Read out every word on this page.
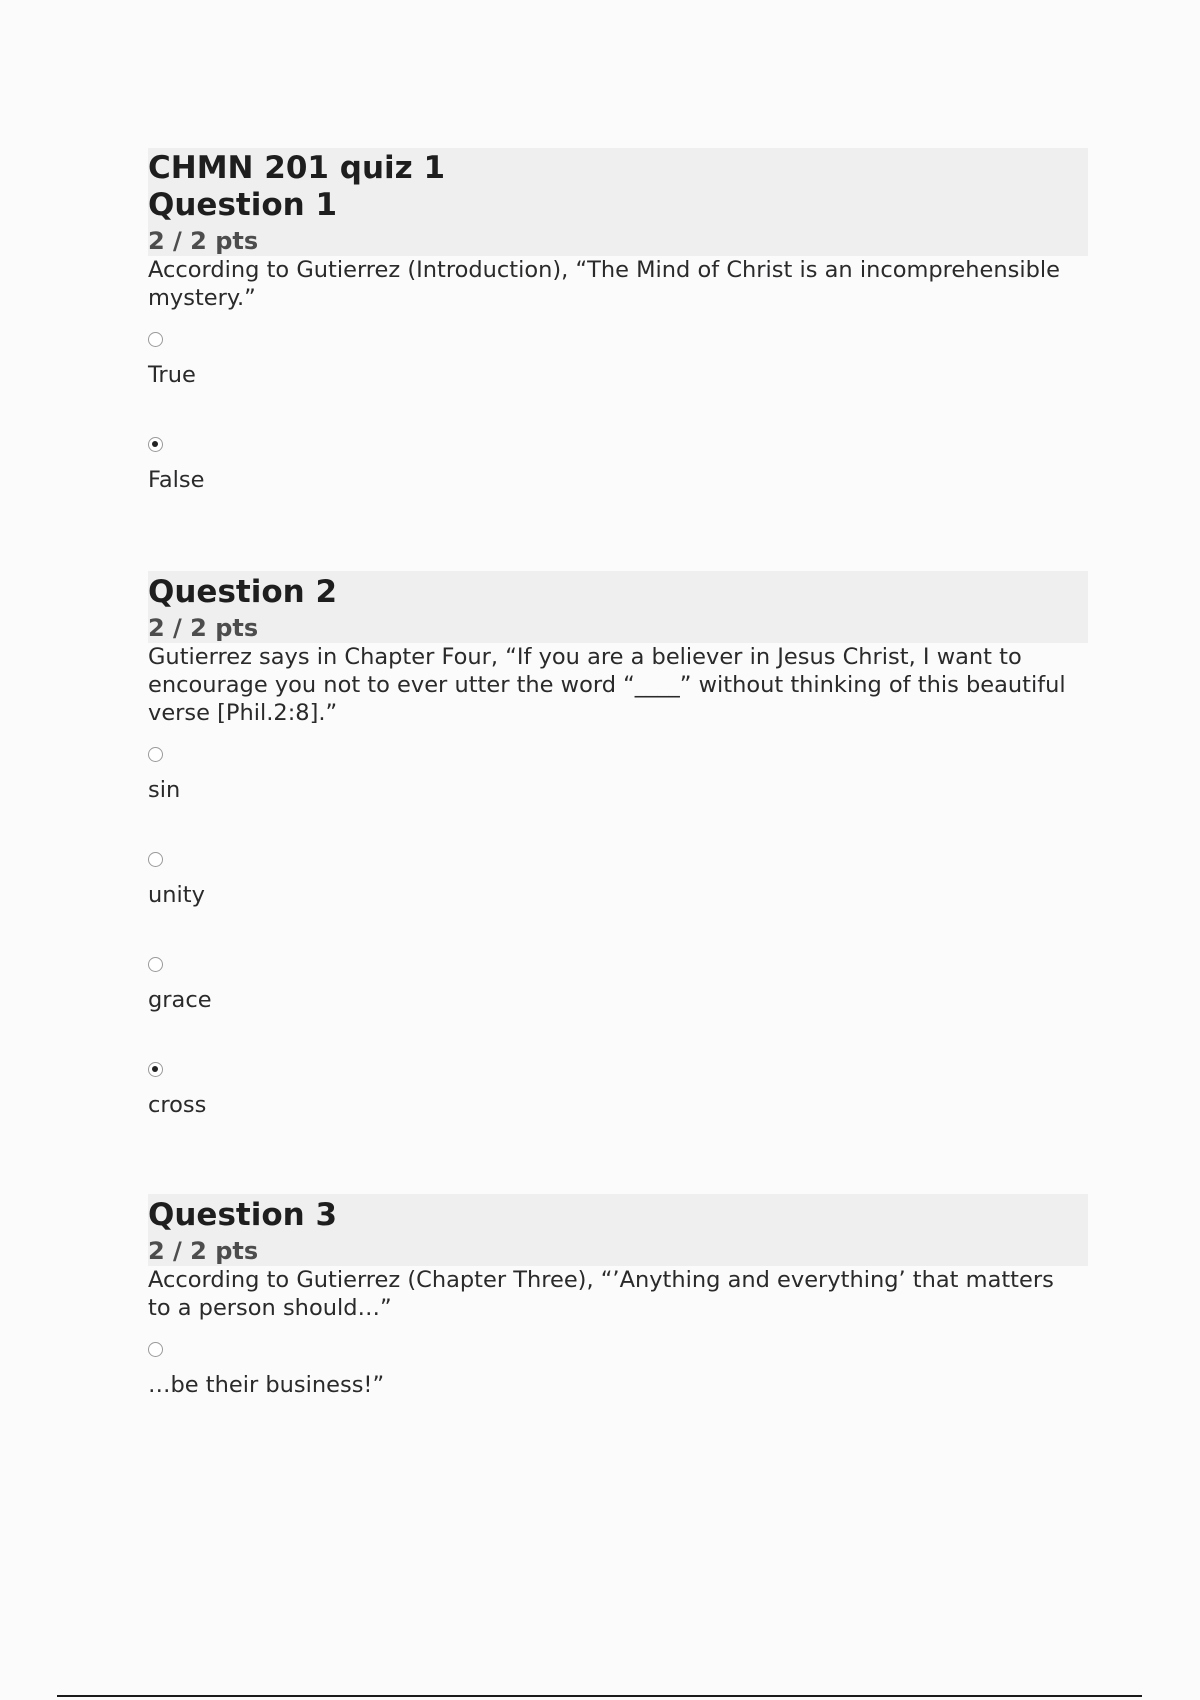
CHMN 201 quiz 1
Question 1
2 / 2 pts
According to Gutierrez (Introduction), “The Mind of Christ is an incomprehensible mystery.”
True
False
Question 2
2 / 2 pts
Gutierrez says in Chapter Four, “If you are a believer in Jesus Christ, I want to encourage you not to ever utter the word “____” without thinking of this beautiful verse [Phil.2:8].”
sin
unity
grace
cross
Question 3
2 / 2 pts
According to Gutierrez (Chapter Three), “’Anything and everything’ that matters to a person should…”
…be their business!”
